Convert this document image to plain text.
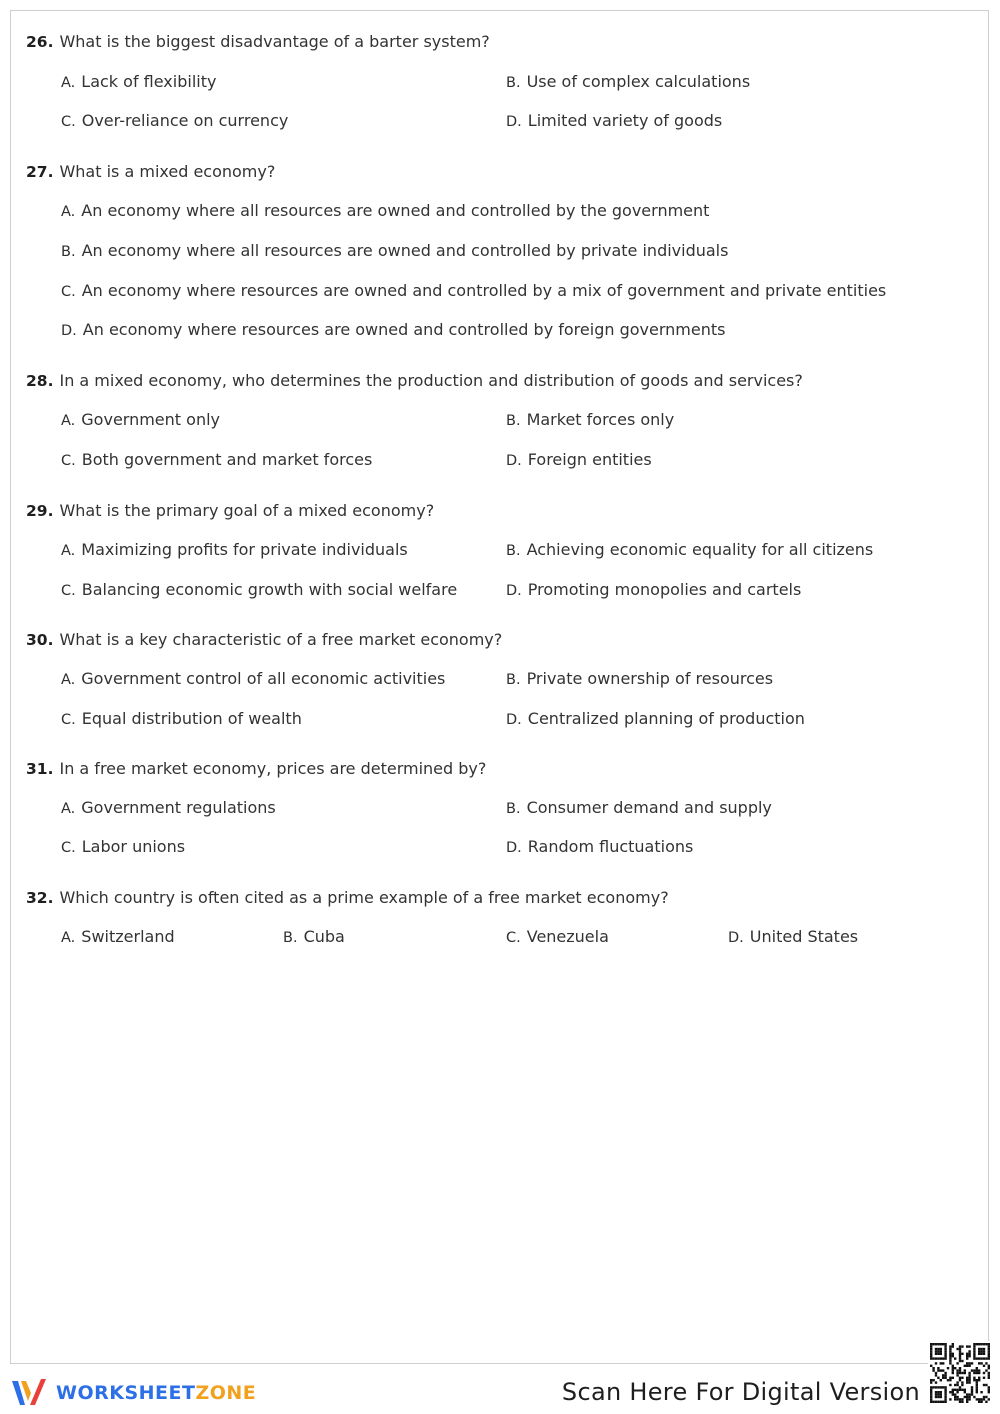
26. What is the biggest disadvantage of a barter system?
A. Lack of flexibility	B. Use of complex calculations
C. Over-reliance on currency	D. Limited variety of goods
27. What is a mixed economy?
A. An economy where all resources are owned and controlled by the government
B. An economy where all resources are owned and controlled by private individuals
C. An economy where resources are owned and controlled by a mix of government and private entities
D. An economy where resources are owned and controlled by foreign governments
28. In a mixed economy, who determines the production and distribution of goods and services?
A. Government only	B. Market forces only
C. Both government and market forces	D. Foreign entities
29. What is the primary goal of a mixed economy?
A. Maximizing profits for private individuals	B. Achieving economic equality for all citizens
C. Balancing economic growth with social welfare	D. Promoting monopolies and cartels
30. What is a key characteristic of a free market economy?
A. Government control of all economic activities	B. Private ownership of resources
C. Equal distribution of wealth	D. Centralized planning of production
31. In a free market economy, prices are determined by?
A. Government regulations	B. Consumer demand and supply
C. Labor unions	D. Random fluctuations
32. Which country is often cited as a prime example of a free market economy?
A. Switzerland	B. Cuba	C. Venezuela	D. United States
WORKSHEETZONE	Scan Here For Digital Version
